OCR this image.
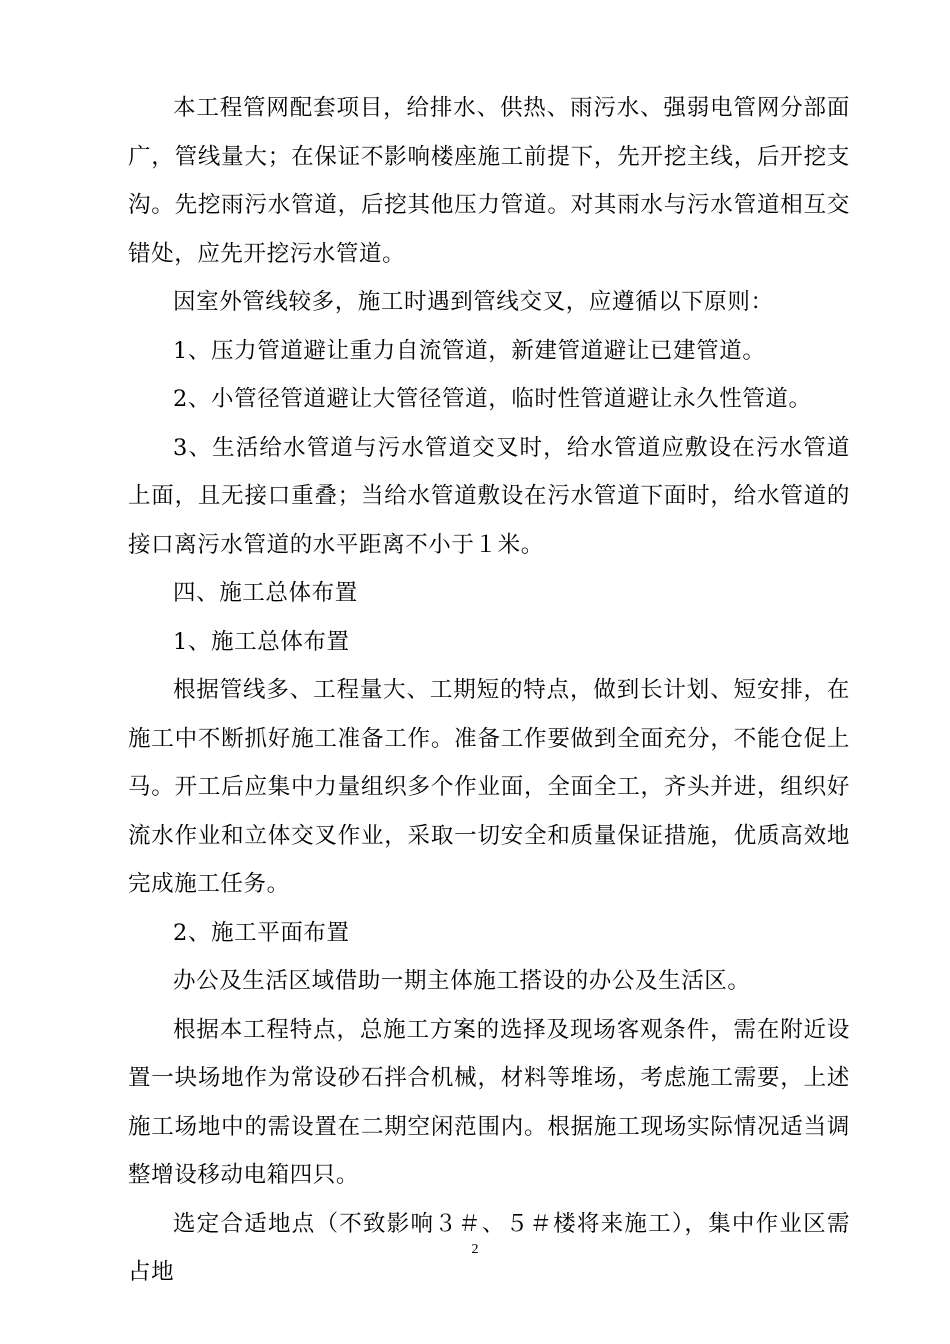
本工程管网配套项目，给排水、供热、雨污水、强弱电管网分部面广，管线量大；在保证不影响楼座施工前提下，先开挖主线，后开挖支沟。先挖雨污水管道，后挖其他压力管道。对其雨水与污水管道相互交错处，应先开挖污水管道。

因室外管线较多，施工时遇到管线交叉，应遵循以下原则：

1、压力管道避让重力自流管道，新建管道避让已建管道。

2、小管径管道避让大管径管道，临时性管道避让永久性管道。

3、生活给水管道与污水管道交叉时，给水管道应敷设在污水管道上面，且无接口重叠；当给水管道敷设在污水管道下面时，给水管道的接口离污水管道的水平距离不小于１米。

四、施工总体布置

1、施工总体布置

根据管线多、工程量大、工期短的特点，做到长计划、短安排，在施工中不断抓好施工准备工作。准备工作要做到全面充分，不能仓促上马。开工后应集中力量组织多个作业面，全面全工，齐头并进，组织好流水作业和立体交叉作业，采取一切安全和质量保证措施，优质高效地完成施工任务。

2、施工平面布置

办公及生活区域借助一期主体施工搭设的办公及生活区。

根据本工程特点，总施工方案的选择及现场客观条件，需在附近设置一块场地作为常设砂石拌合机械，材料等堆场，考虑施工需要，上述施工场地中的需设置在二期空闲范围内。根据施工现场实际情况适当调整增设移动电箱四只。

选定合适地点（不致影响３＃、５＃楼将来施工），集中作业区需占地

2
